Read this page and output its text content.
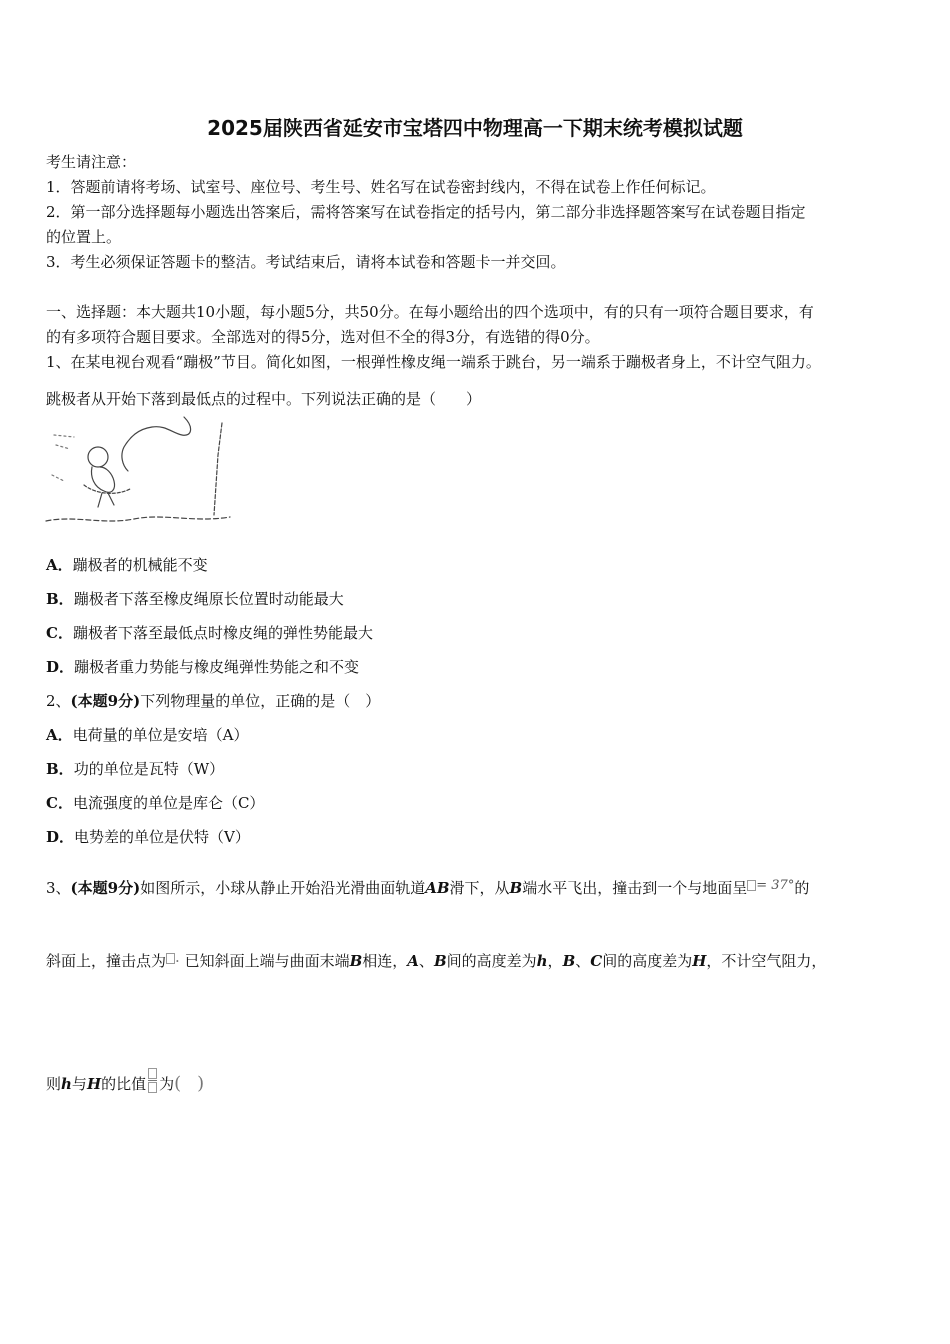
2025届陕西省延安市宝塔四中物理高一下期末统考模拟试题
考生请注意：
1．答题前请将考场、试室号、座位号、考生号、姓名写在试卷密封线内，不得在试卷上作任何标记。
2．第一部分选择题每小题选出答案后，需将答案写在试卷指定的括号内，第二部分非选择题答案写在试卷题目指定
的位置上。
3．考生必须保证答题卡的整洁。考试结束后，请将本试卷和答题卡一并交回。
一、选择题：本大题共10小题，每小题5分，共50分。在每小题给出的四个选项中，有的只有一项符合题目要求，有
的有多项符合题目要求。全部选对的得5分，选对但不全的得3分，有选错的得0分。
1、在某电视台观看“蹦极”节目。简化如图，一根弹性橡皮绳一端系于跳台，另一端系于蹦极者身上，不计空气阻力。
跳极者从开始下落到最低点的过程中。下列说法正确的是（　　）
A．蹦极者的机械能不变
B．蹦极者下落至橡皮绳原长位置时动能最大
C．蹦极者下落至最低点时橡皮绳的弹性势能最大
D．蹦极者重力势能与橡皮绳弹性势能之和不变
2、(本题9分)下列物理量的单位，正确的是（　）
A．电荷量的单位是安培（A）
B．功的单位是瓦特（W）
C．电流强度的单位是库仑（C）
D．电势差的单位是伏特（V）
3、(本题9分)如图所示，小球从静止开始沿光滑曲面轨道AB滑下，从B端水平飞出，撞击到一个与地面呈 = 37°的
斜面上，撞击点为 · 已知斜面上端与曲面末端B相连，A、B间的高度差为h，B、C间的高度差为H，不计空气阻力，
则h与H的比值 为()
